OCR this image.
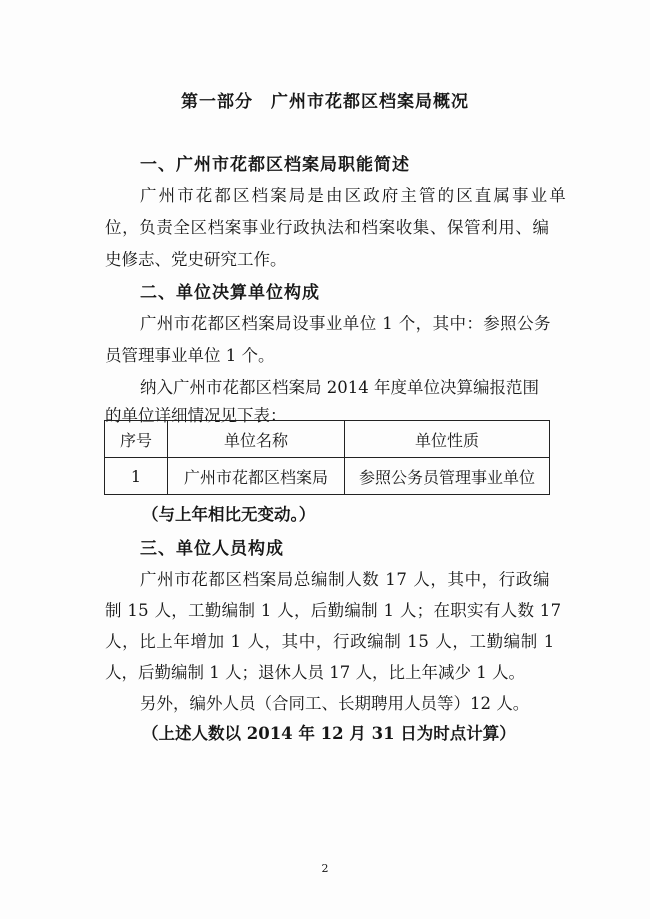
第一部分　广州市花都区档案局概况
一、广州市花都区档案局职能简述
广州市花都区档案局是由区政府主管的区直属事业单
位，负责全区档案事业行政执法和档案收集、保管利用、编
史修志、党史研究工作。
二、单位决算单位构成
广州市花都区档案局设事业单位 1 个，其中：参照公务
员管理事业单位 1 个。
纳入广州市花都区档案局 2014 年度单位决算编报范围
的单位详细情况见下表：
序号	单位名称	单位性质
1	广州市花都区档案局	参照公务员管理事业单位
（与上年相比无变动。）
三、单位人员构成
广州市花都区档案局总编制人数 17 人，其中，行政编
制 15 人，工勤编制 1 人，后勤编制 1 人；在职实有人数 17
人，比上年增加 1 人，其中，行政编制 15 人，工勤编制 1
人，后勤编制 1 人；退休人员 17 人，比上年减少 1 人。
另外，编外人员（合同工、长期聘用人员等）12 人。
（上述人数以 2014 年 12 月 31 日为时点计算）
2
